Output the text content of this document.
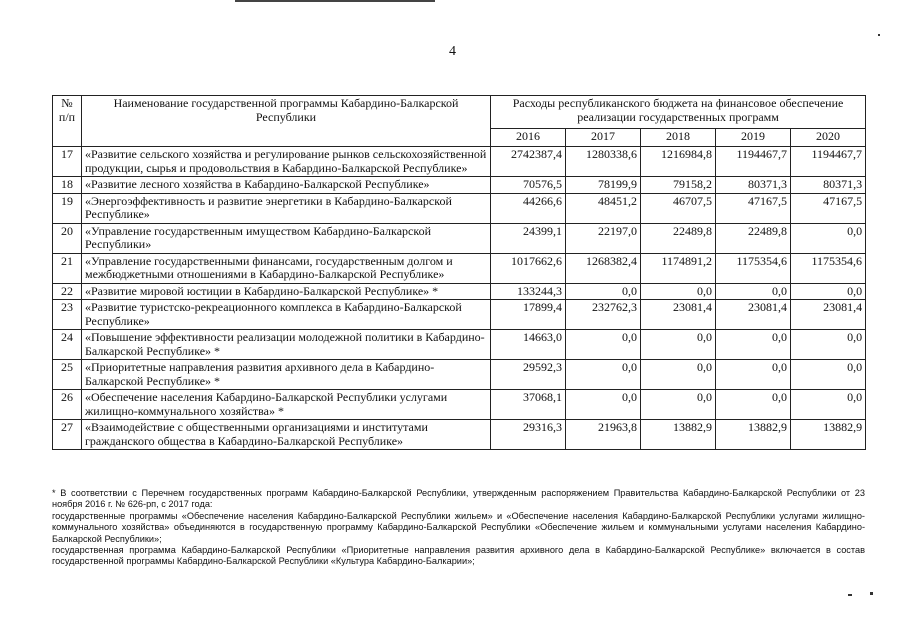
4
№ п/п	Наименование государственной программы Кабардино-Балкарской Республики	Расходы республиканского бюджета на финансовое обеспечение реализации государственных программ				
		2016	2017	2018	2019	2020
17	«Развитие сельского хозяйства и регулирование рынков сельскохозяйственной продукции, сырья и продовольствия в Кабардино-Балкарской Республике»	2742387,4	1280338,6	1216984,8	1194467,7	1194467,7
18	«Развитие лесного хозяйства в Кабардино-Балкарской Республике»	70576,5	78199,9	79158,2	80371,3	80371,3
19	«Энергоэффективность и развитие энергетики в Кабардино-Балкарской Республике»	44266,6	48451,2	46707,5	47167,5	47167,5
20	«Управление государственным имуществом Кабардино-Балкарской Республики»	24399,1	22197,0	22489,8	22489,8	0,0
21	«Управление государственными финансами, государственным долгом и межбюджетными отношениями в Кабардино-Балкарской Республике»	1017662,6	1268382,4	1174891,2	1175354,6	1175354,6
22	«Развитие мировой юстиции в Кабардино-Балкарской Республике» *	133244,3	0,0	0,0	0,0	0,0
23	«Развитие туристско-рекреационного комплекса в Кабардино-Балкарской Республике»	17899,4	232762,3	23081,4	23081,4	23081,4
24	«Повышение эффективности реализации молодежной политики в Кабардино-Балкарской Республике» *	14663,0	0,0	0,0	0,0	0,0
25	«Приоритетные направления развития архивного дела в Кабардино-Балкарской Республике» *	29592,3	0,0	0,0	0,0	0,0
26	«Обеспечение населения Кабардино-Балкарской Республики услугами жилищно-коммунального хозяйства» *	37068,1	0,0	0,0	0,0	0,0
27	«Взаимодействие с общественными организациями и институтами гражданского общества в Кабардино-Балкарской Республике»	29316,3	21963,8	13882,9	13882,9	13882,9

* В соответствии с Перечнем государственных программ Кабардино-Балкарской Республики, утвержденным распоряжением Правительства Кабардино-Балкарской Республики от 23 ноября 2016 г. № 626-рп, с 2017 года:

государственные программы «Обеспечение населения Кабардино-Балкарской Республики жильем» и «Обеспечение населения Кабардино-Балкарской Республики услугами жилищно-коммунального хозяйства» объединяются в государственную программу Кабардино-Балкарской Республики «Обеспечение жильем и коммунальными услугами населения Кабардино-Балкарской Республики»;

государственная программа Кабардино-Балкарской Республики «Приоритетные направления развития архивного дела в Кабардино-Балкарской Республике» включается в состав государственной программы Кабардино-Балкарской Республики «Культура Кабардино-Балкарии»;
